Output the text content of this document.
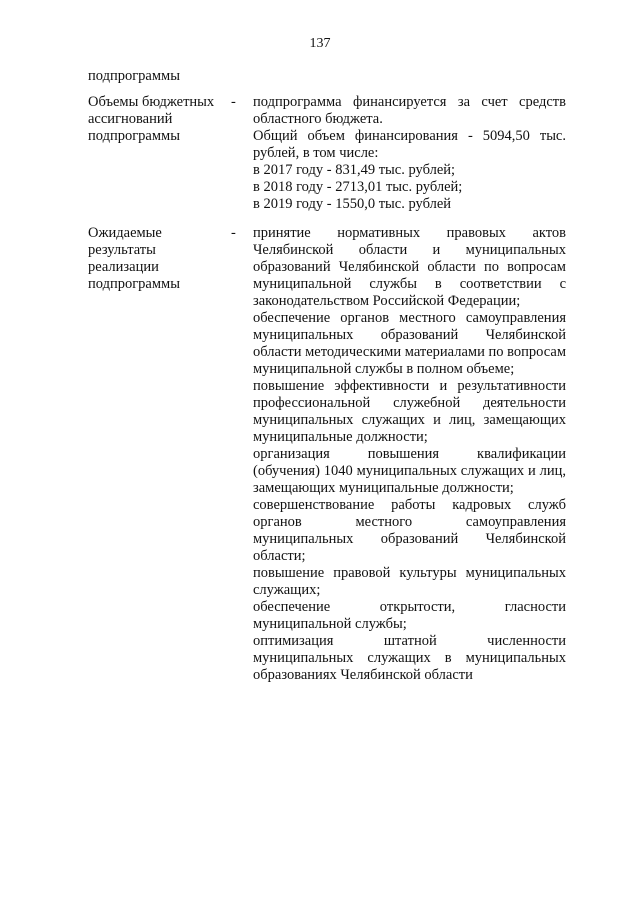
137
подпрограммы
Объемы бюджетных
ассигнований
подпрограммы
- подпрограмма финансируется за счет средств областного бюджета.

Общий объем финансирования - 5094,50 тыс. рублей, в том числе:

в 2017 году - 831,49 тыс. рублей;

в 2018 году - 2713,01 тыс. рублей;

в 2019 году - 1550,0 тыс. рублей

Ожидаемые
результаты
реализации
подпрограммы
- принятие нормативных правовых актов Челябинской области и муниципальных образований Челябинской области по вопросам муниципальной службы в соответствии с законодательством Российской Федерации;

обеспечение органов местного самоуправления муниципальных образований Челябинской области методическими материалами по вопросам муниципальной службы в полном объеме;

повышение эффективности и результативности профессиональной служебной деятельности муниципальных служащих и лиц, замещающих муниципальные должности;

организация повышения квалификации (обучения) 1040 муниципальных служащих и лиц, замещающих муниципальные должности;

совершенствование работы кадровых служб органов местного самоуправления муниципальных образований Челябинской области;

повышение правовой культуры муниципальных служащих;

обеспечение открытости, гласности муниципальной службы;

оптимизация штатной численности муниципальных служащих в муниципальных образованиях Челябинской области
